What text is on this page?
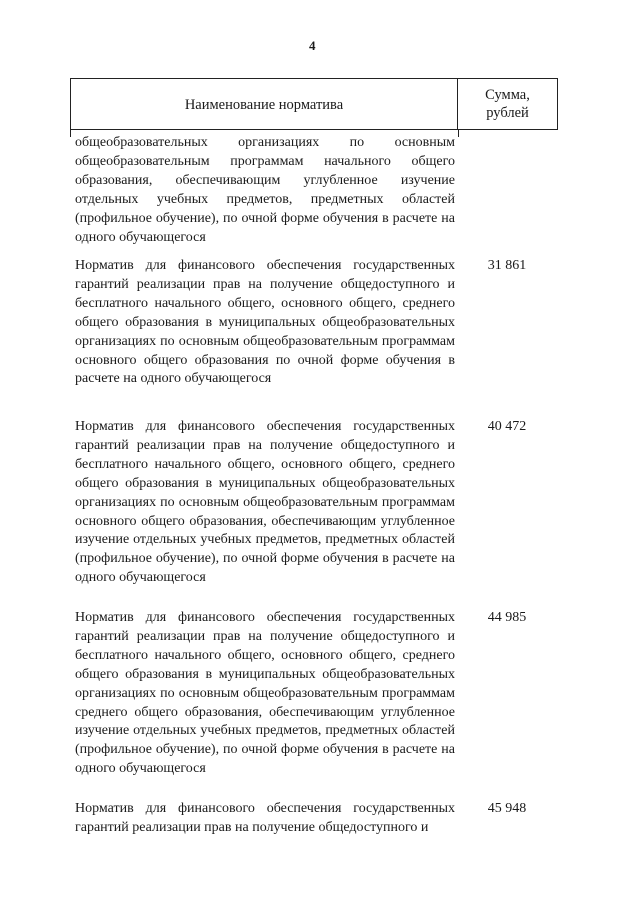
4
Наименование норматива
Сумма, рублей
общеобразовательных организациях по основным общеобразовательным программам начального общего образования, обеспечивающим углубленное изучение отдельных учебных предметов, предметных областей (профильное обучение), по очной форме обучения в расчете на одного обучающегося
Норматив для финансового обеспечения государственных гарантий реализации прав на получение общедоступного и бесплатного начального общего, основного общего, среднего общего образования в муниципальных общеобразовательных организациях по основным общеобразовательным программам основного общего образования по очной форме обучения в расчете на одного обучающегося
31 861
Норматив для финансового обеспечения государственных гарантий реализации прав на получение общедоступного и бесплатного начального общего, основного общего, среднего общего образования в муниципальных общеобразовательных организациях по основным общеобразовательным программам основного общего образования, обеспечивающим углубленное изучение отдельных учебных предметов, предметных областей (профильное обучение), по очной форме обучения в расчете на одного обучающегося
40 472
Норматив для финансового обеспечения государственных гарантий реализации прав на получение общедоступного и бесплатного начального общего, основного общего, среднего общего образования в муниципальных общеобразовательных организациях по основным общеобразовательным программам среднего общего образования, обеспечивающим углубленное изучение отдельных учебных предметов, предметных областей (профильное обучение), по очной форме обучения в расчете на одного обучающегося
44 985
Норматив для финансового обеспечения государственных гарантий реализации прав на получение общедоступного и
45 948
